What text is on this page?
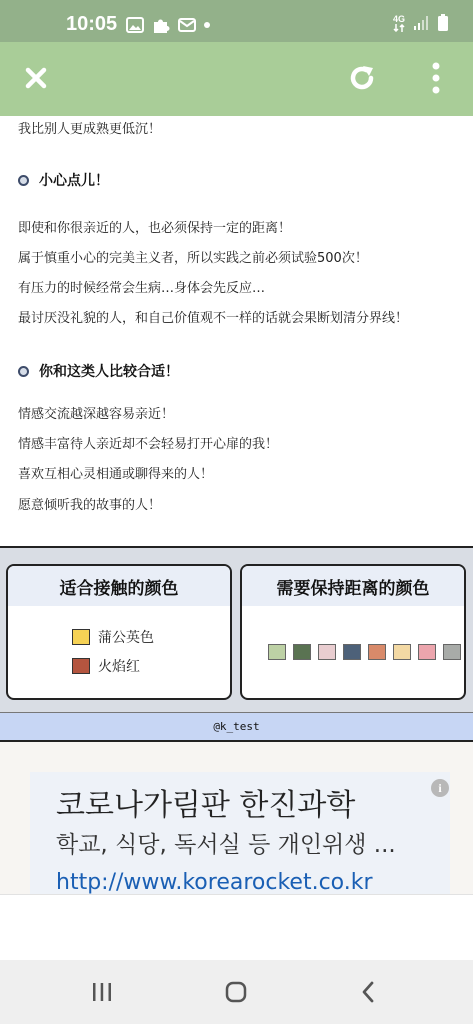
10:05	4G
我比别人更成熟更低沉！
小心点儿！
即使和你很亲近的人，也必须保持一定的距离！
属于慎重小心的完美主义者，所以实践之前必须试验500次！
有压力的时候经常会生病…身体会先反应…
最讨厌没礼貌的人，和自己价值观不一样的话就会果断划清分界线！
你和这类人比较合适！
情感交流越深越容易亲近！
情感丰富待人亲近却不会轻易打开心扉的我！
喜欢互相心灵相通或聊得来的人！
愿意倾听我的故事的人！
适合接触的颜色
蒲公英色
火焰红
需要保持距离的颜色
@k_test
코로나가림판 한진과학
학교, 식당, 독서실 등 개인위생 ...
http://www.korearocket.co.kr
i
